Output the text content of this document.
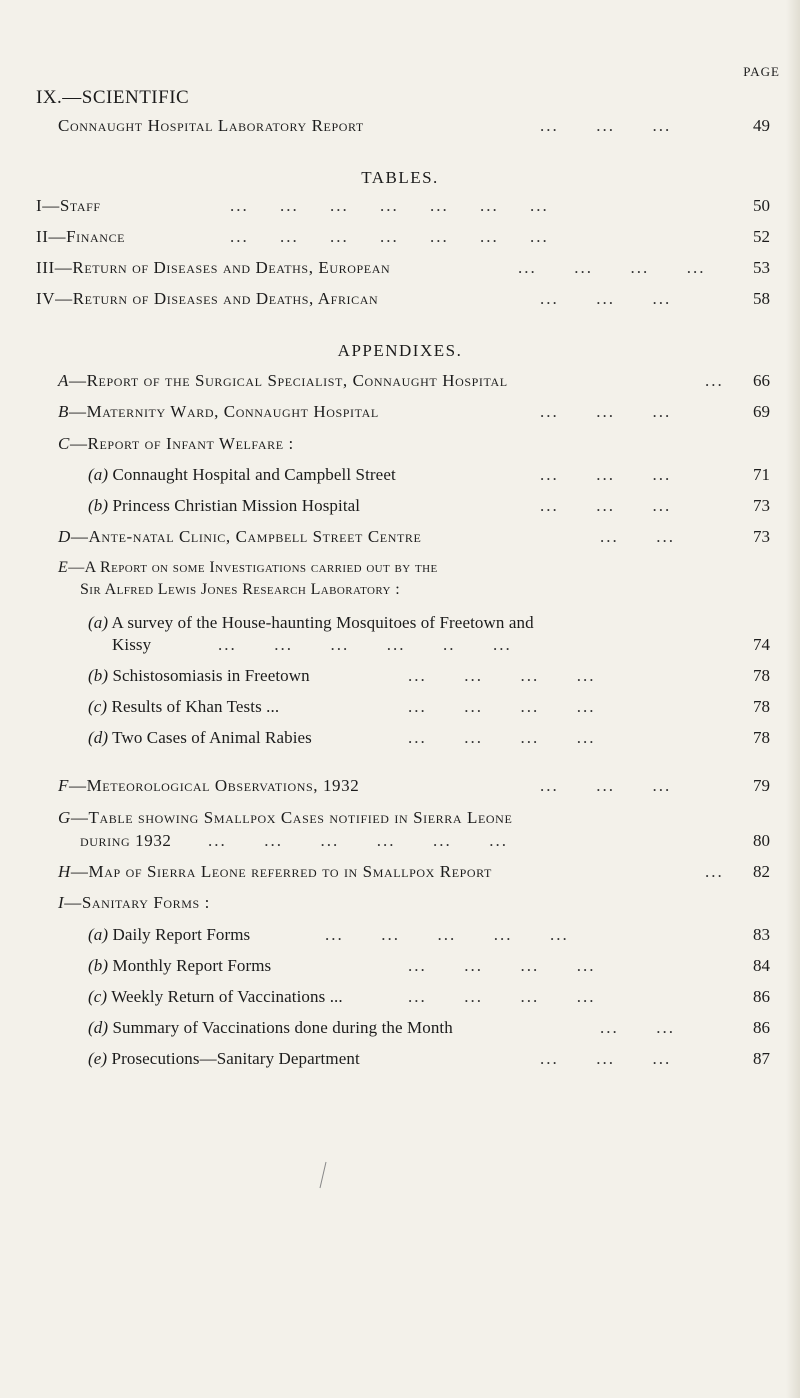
PAGE
IX.—SCIENTIFIC
Connaught Hospital Laboratory Report	...      ...      ...	49
TABLES.
I—Staff	...     ...     ...     ...     ...     ...     ...	50
II—Finance	...     ...     ...     ...     ...     ...     ...	52
III—Return of Diseases and Deaths, European	...      ...      ...      ...	53
IV—Return of Diseases and Deaths, African	...      ...      ...	58
APPENDIXES.
A—Report of the Surgical Specialist, Connaught Hospital	...	66
B—Maternity Ward, Connaught Hospital	...      ...      ...	69
C—Report of Infant Welfare :
(a) Connaught Hospital and Campbell Street	...      ...      ...	71
(b) Princess Christian Mission Hospital	...      ...      ...	73
D—Ante-natal Clinic, Campbell Street Centre	...      ...	73
E—A Report on some Investigations carried out by the
Sir Alfred Lewis Jones Research Laboratory :
(a) A survey of the House-haunting Mosquitoes of Freetown and
Kissy	...      ...      ...      ...      ..      ...	74
(b) Schistosomiasis in Freetown	...      ...      ...      ...	78
(c) Results of Khan Tests ...	...      ...      ...      ...	78
(d) Two Cases of Animal Rabies	...      ...      ...      ...	78
F—Meteorological Observations, 1932	...      ...      ...	79
G—Table showing Smallpox Cases notified in Sierra Leone
during 1932 ...      ...      ...      ...      ...      ...	80
H—Map of Sierra Leone referred to in Smallpox Report	...	82
I—Sanitary Forms :
(a) Daily Report Forms	...      ...      ...      ...      ...	83
(b) Monthly Report Forms	...      ...      ...      ...	84
(c) Weekly Return of Vaccinations ...	...      ...      ...      ...	86
(d) Summary of Vaccinations done during the Month	...      ...	86
(e) Prosecutions—Sanitary Department	...      ...      ...	87
